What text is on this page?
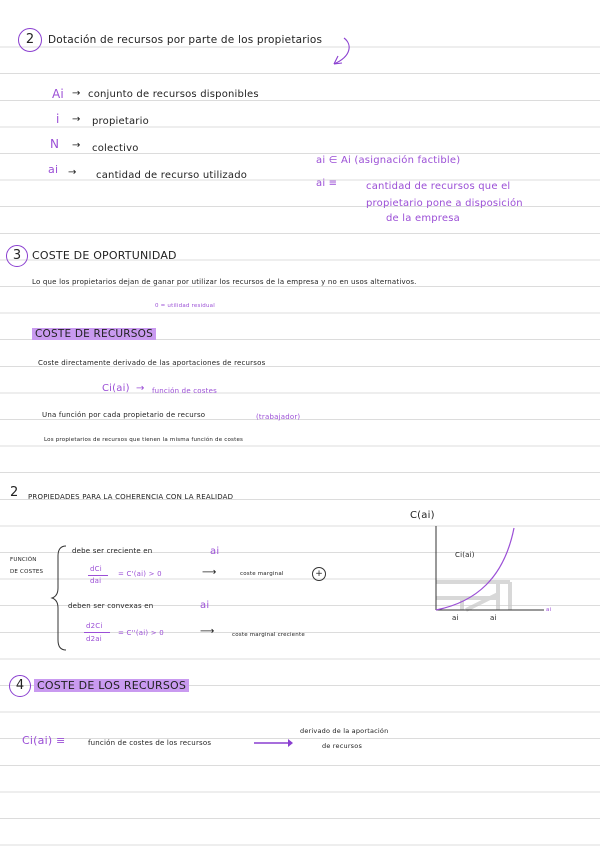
2	Dotación de recursos por parte de los propietarios
Ai → conjunto de recursos disponibles
i → propietario
N → colectivo
ai → cantidad de recurso utilizado
ai ∈ Ai (asignación factible)
ai ≡	cantidad de recursos que el
propietario pone a disposición
de la empresa
3 COSTE DE OPORTUNIDAD
Lo que los propietarios dejan de ganar por utilizar los recursos de la empresa y no en usos alternativos.
0 = utilidad residual
COSTE DE RECURSOS
Coste directamente derivado de las aportaciones de recursos
Ci(ai) → función de costes
Una función por cada propietario de recurso	(trabajador)
Los propietarios de recursos que tienen la misma función de costes
2 PROPIEDADES PARA LA COHERENCIA CON LA REALIDAD
FUNCIÓN
DE COSTES
debe ser creciente en	ai
dCi
dai
= C'(ai) > 0	⟶	coste marginal	+
deben ser convexas en	ai
d2Ci
d2ai
= C''(ai) > 0	⟶	coste marginal creciente
C(ai)
Ci(ai)
ai
ai	ai
4	COSTE DE LOS RECURSOS
Ci(ai) ≡	función de costes de los recursos
derivado de la aportación
de recursos
